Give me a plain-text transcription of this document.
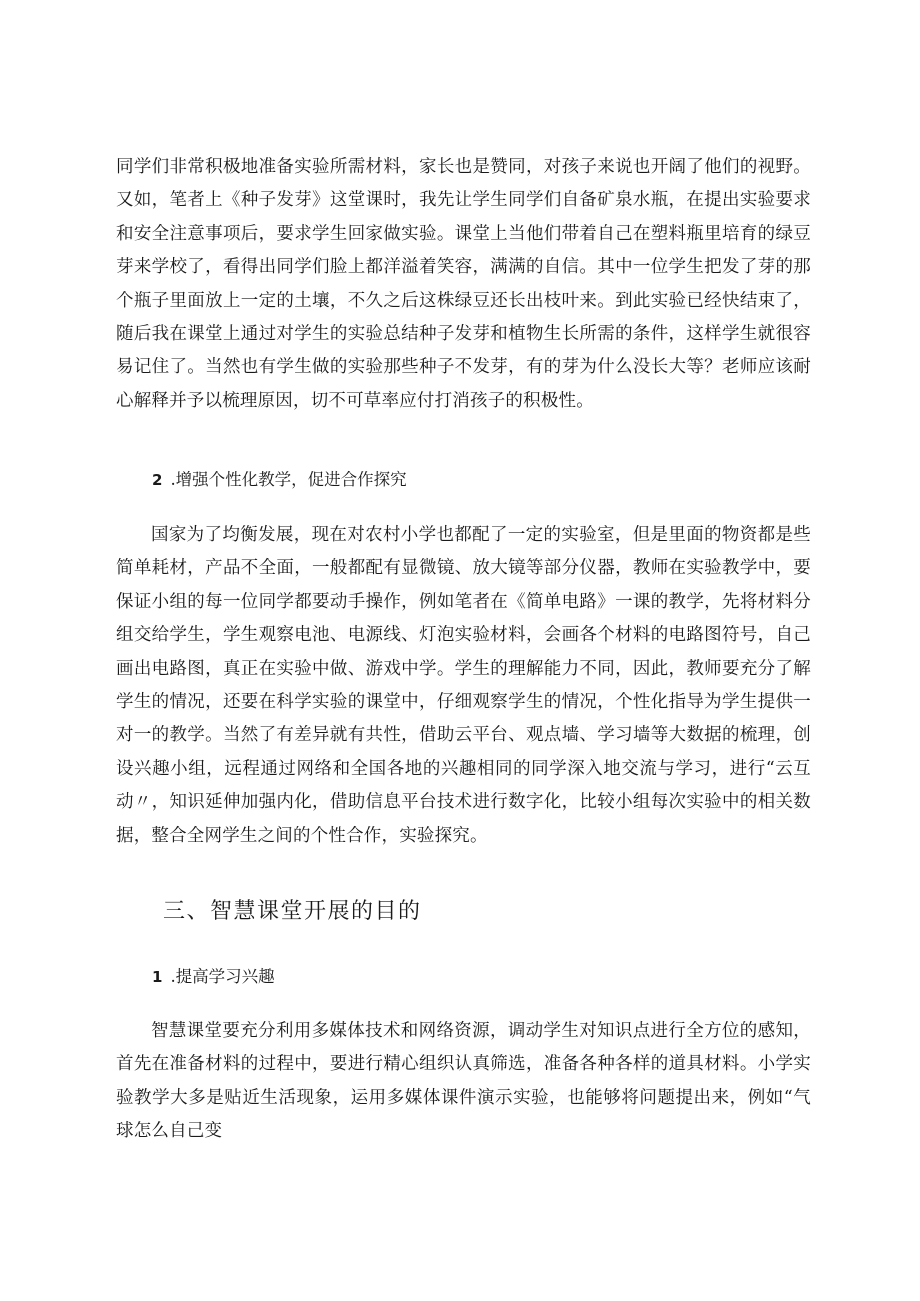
同学们非常积极地准备实验所需材料，家长也是赞同，对孩子来说也开阔了他们的视野。又如，笔者上《种子发芽》这堂课时，我先让学生同学们自备矿泉水瓶，在提出实验要求和安全注意事项后，要求学生回家做实验。课堂上当他们带着自己在塑料瓶里培育的绿豆芽来学校了，看得出同学们脸上都洋溢着笑容，满满的自信。其中一位学生把发了芽的那个瓶子里面放上一定的土壤，不久之后这株绿豆还长出枝叶来。到此实验已经快结束了，随后我在课堂上通过对学生的实验总结种子发芽和植物生长所需的条件，这样学生就很容易记住了。当然也有学生做的实验那些种子不发芽，有的芽为什么没长大等？老师应该耐心解释并予以梳理原因，切不可草率应付打消孩子的积极性。

2 .增强个性化教学，促进合作探究

国家为了均衡发展，现在对农村小学也都配了一定的实验室，但是里面的物资都是些简单耗材，产品不全面，一般都配有显微镜、放大镜等部分仪器，教师在实验教学中，要保证小组的每一位同学都要动手操作，例如笔者在《简单电路》一课的教学，先将材料分组交给学生，学生观察电池、电源线、灯泡实验材料，会画各个材料的电路图符号，自己画出电路图，真正在实验中做、游戏中学。学生的理解能力不同，因此，教师要充分了解学生的情况，还要在科学实验的课堂中，仔细观察学生的情况，个性化指导为学生提供一对一的教学。当然了有差异就有共性，借助云平台、观点墙、学习墙等大数据的梳理，创设兴趣小组，远程通过网络和全国各地的兴趣相同的同学深入地交流与学习，进行“云互动〃，知识延伸加强内化，借助信息平台技术进行数字化，比较小组每次实验中的相关数据，整合全网学生之间的个性合作，实验探究。

三、智慧课堂开展的目的

1 .提高学习兴趣

智慧课堂要充分利用多媒体技术和网络资源，调动学生对知识点进行全方位的感知，首先在准备材料的过程中，要进行精心组织认真筛选，准备各种各样的道具材料。小学实验教学大多是贴近生活现象，运用多媒体课件演示实验，也能够将问题提出来，例如“气球怎么自己变
